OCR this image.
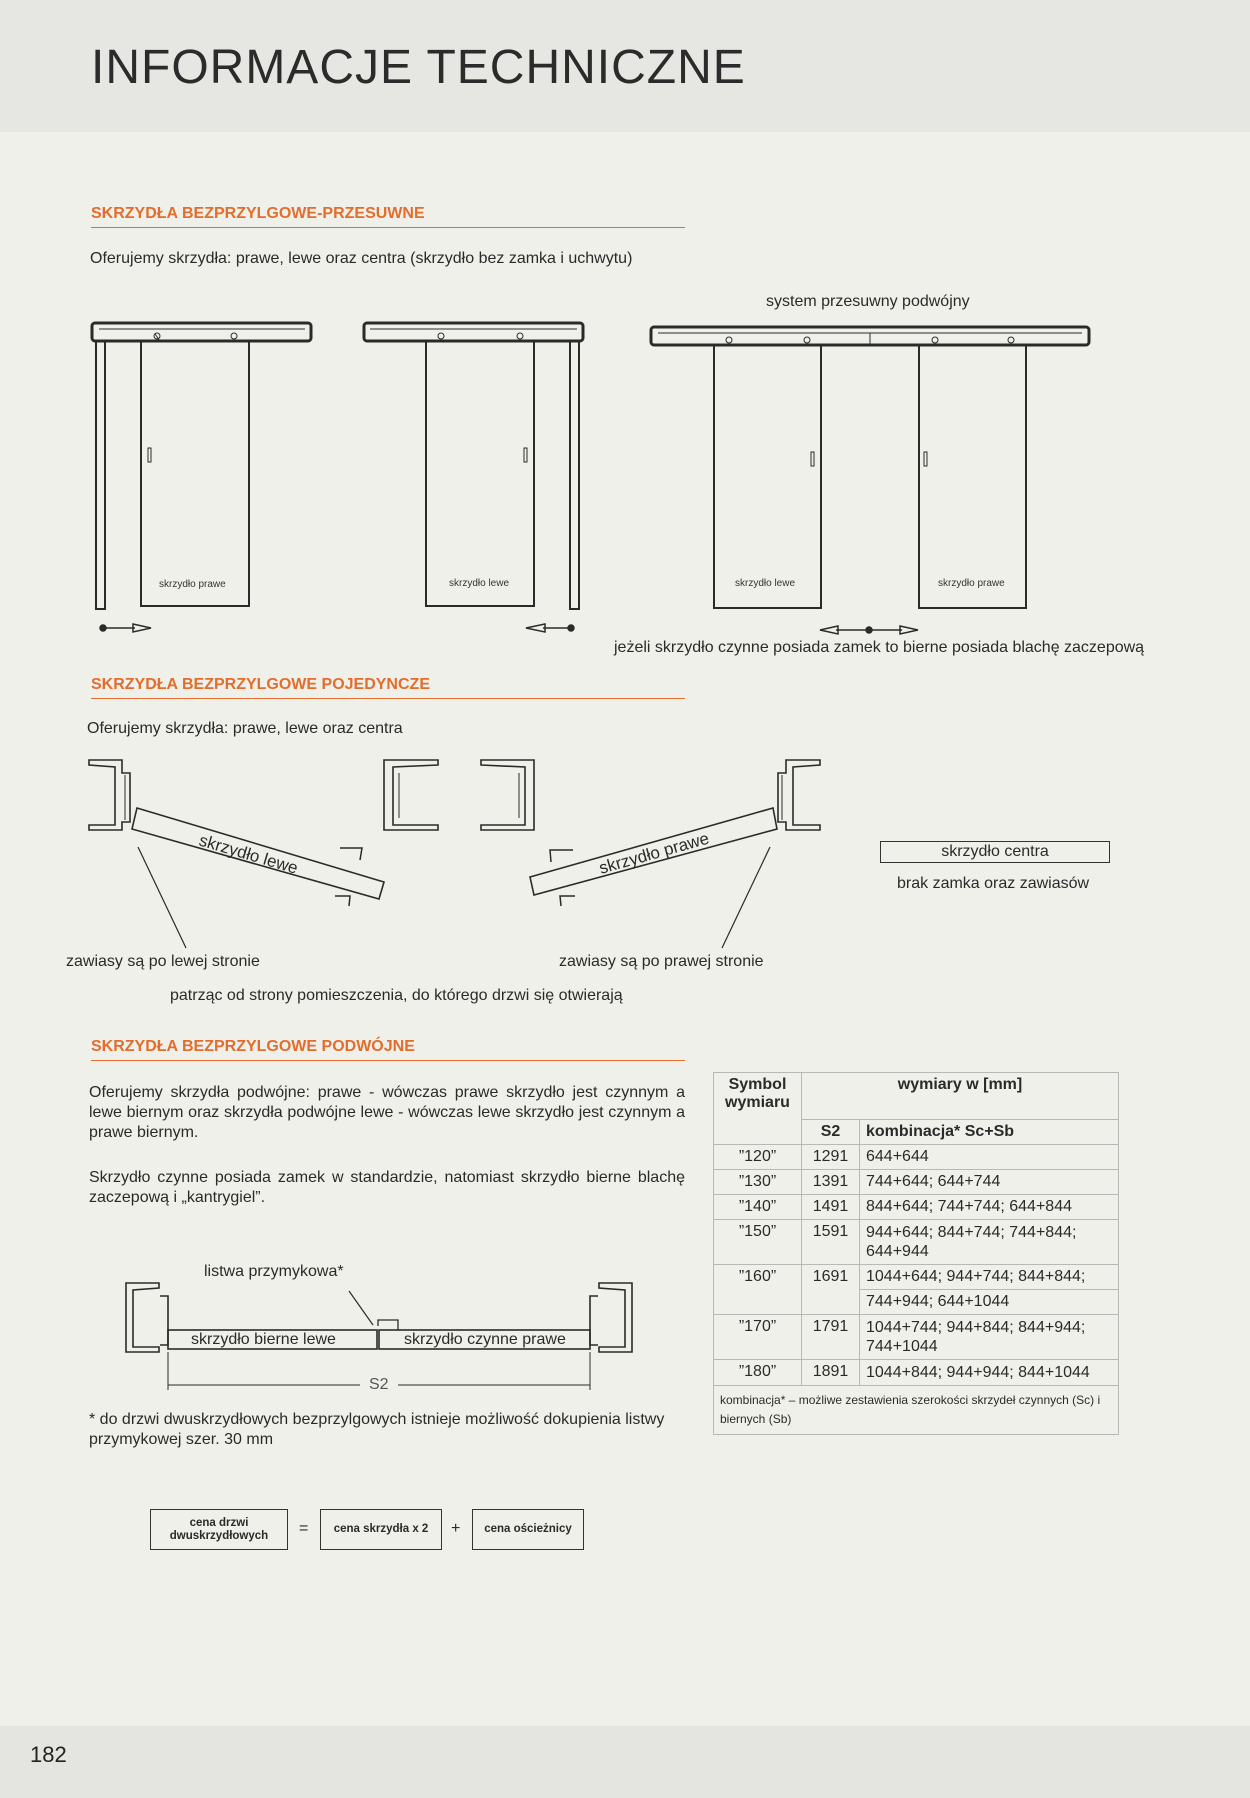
INFORMACJE TECHNICZNE
SKRZYDŁA BEZPRZYLGOWE-PRZESUWNE
Oferujemy skrzydła: prawe, lewe oraz centra (skrzydło bez zamka i uchwytu)
system przesuwny podwójny
skrzydło lewe	skrzydło prawe
skrzydło prawe	skrzydło lewe	skrzydło lewe	skrzydło prawe
jeżeli skrzydło czynne posiada zamek to bierne posiada blachę zaczepową
SKRZYDŁA BEZPRZYLGOWE POJEDYNCZE
Oferujemy skrzydła: prawe, lewe oraz centra
skrzydło centra
brak zamka oraz zawiasów
zawiasy są po lewej stronie	zawiasy są po prawej stronie
patrząc od strony pomieszczenia, do którego drzwi się otwierają
SKRZYDŁA BEZPRZYLGOWE PODWÓJNE

Oferujemy skrzydła podwójne: prawe - wówczas prawe skrzydło jest czynnym a lewe biernym oraz skrzydła podwójne lewe - wówczas lewe skrzydło jest czynnym a prawe biernym.

Skrzydło czynne posiada zamek w standardzie, natomiast skrzydło bierne blachę zaczepową i „kantrygiel”.

listwa przymykowa*
skrzydło bierne lewe	skrzydło czynne prawe
S2

* do drzwi dwuskrzydłowych bezprzylgowych istnieje możliwość dokupienia listwy przymykowej szer. 30 mm

cena drzwi dwuskrzydłowych	=	cena skrzydła x 2	+	cena ościeżnicy
Symbol wymiaru	wymiary w [mm]	
	S2	kombinacja* Sc+Sb
”120”	1291	644+644
”130”	1391	744+644; 644+744
”140”	1491	844+644; 744+744; 644+844
”150”	1591	944+644; 844+744; 744+844; 644+944
”160”	1691	1044+644; 944+744; 844+844;
		744+944; 644+1044
”170”	1791	1044+744; 944+844; 844+944; 744+1044
”180”	1891	1044+844; 944+944; 844+1044
kombinacja* – możliwe zestawienia szerokości skrzydeł czynnych (Sc) i biernych (Sb)		
182
